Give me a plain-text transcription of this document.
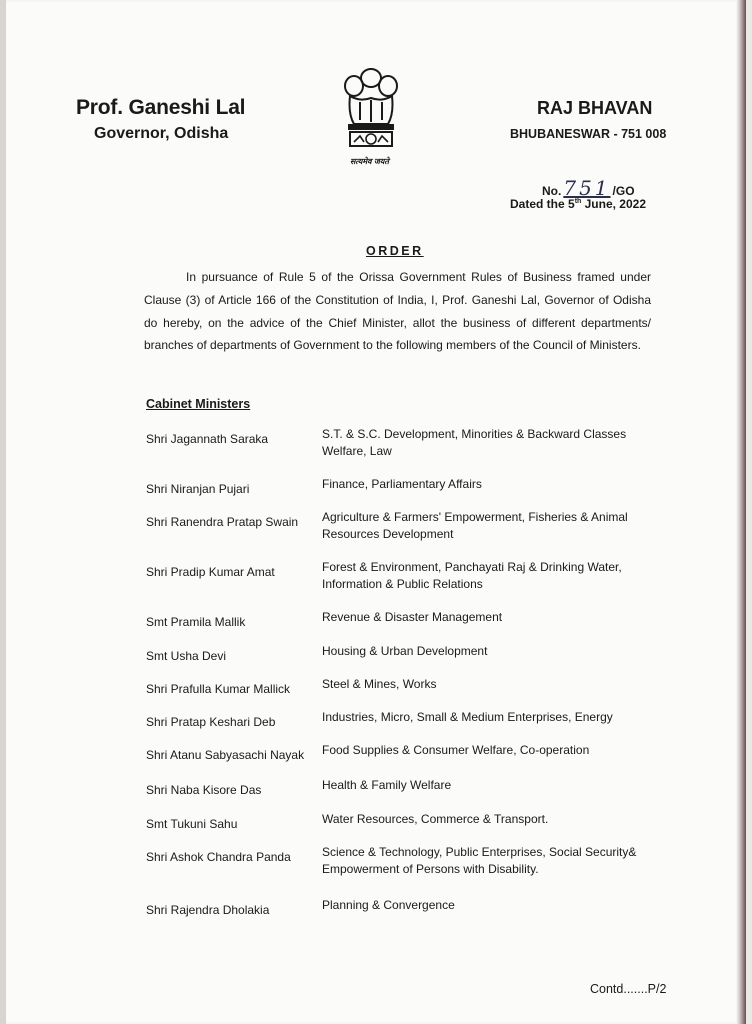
Prof. Ganeshi Lal
Governor, Odisha
RAJ BHAVAN
BHUBANESWAR - 751 008
सत्यमेव जयते
No. 751 /GO
Dated the 5th June, 2022
ORDER
In pursuance of Rule 5 of the Orissa Government Rules of Business framed under Clause (3) of Article 166 of the Constitution of India, I, Prof. Ganeshi Lal, Governor of Odisha do hereby, on the advice of the Chief Minister, allot the business of different departments/ branches of departments of Government to the following members of the Council of Ministers.
Cabinet Ministers
Shri Jagannath Saraka	S.T. & S.C. Development, Minorities & Backward Classes Welfare, Law
Shri Niranjan Pujari	Finance, Parliamentary Affairs
Shri Ranendra Pratap Swain	Agriculture & Farmers' Empowerment, Fisheries & Animal Resources Development
Shri Pradip Kumar Amat	Forest & Environment, Panchayati Raj & Drinking Water, Information & Public Relations
Smt Pramila Mallik	Revenue & Disaster Management
Smt Usha Devi	Housing & Urban Development
Shri Prafulla Kumar Mallick	Steel & Mines, Works
Shri Pratap Keshari Deb	Industries, Micro, Small & Medium Enterprises, Energy
Shri Atanu Sabyasachi Nayak	Food Supplies & Consumer Welfare, Co-operation
Shri Naba Kisore Das	Health & Family Welfare
Smt Tukuni Sahu	Water Resources, Commerce & Transport.
Shri Ashok Chandra Panda	Science & Technology, Public Enterprises, Social Security& Empowerment of Persons with Disability.
Shri Rajendra Dholakia	Planning & Convergence
Contd.......P/2
